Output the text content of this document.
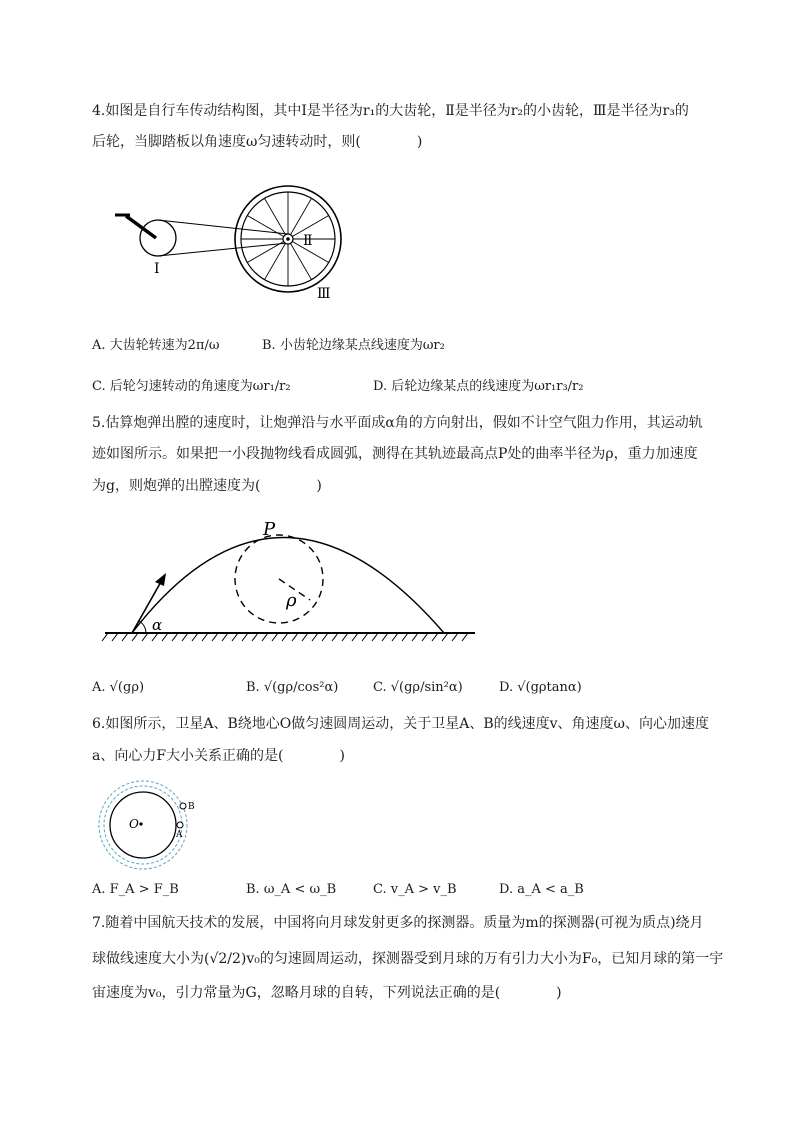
4.如图是自行车传动结构图，其中Ⅰ是半径为r₁的大齿轮，Ⅱ是半径为r₂的小齿轮，Ⅲ是半径为r₃的
后轮，当脚踏板以角速度ω匀速转动时，则(　　　　)
Ⅰ
Ⅱ
Ⅲ
A. 大齿轮转速为2π/ω	B. 小齿轮边缘某点线速度为ωr₂
C. 后轮匀速转动的角速度为ωr₁/r₂	D. 后轮边缘某点的线速度为ωr₁r₃/r₂
5.估算炮弹出膛的速度时，让炮弹沿与水平面成α角的方向射出，假如不计空气阻力作用，其运动轨
迹如图所示。如果把一小段抛物线看成圆弧，测得在其轨迹最高点P处的曲率半径为ρ，重力加速度
为g，则炮弹的出膛速度为(　　　　)
P
ρ
α
A. √(gρ)	B. √(gρ/cos²α)	C. √(gρ/sin²α)	D. √(gρtanα)
6.如图所示，卫星A、B绕地心O做匀速圆周运动，关于卫星A、B的线速度v、角速度ω、向心加速度
a、向心力F大小关系正确的是(　　　　)
O
B
A
A. F_A > F_B	B. ω_A < ω_B	C. v_A > v_B	D. a_A < a_B
7.随着中国航天技术的发展，中国将向月球发射更多的探测器。质量为m的探测器(可视为质点)绕月
球做线速度大小为(√2/2)v₀的匀速圆周运动，探测器受到月球的万有引力大小为F₀，已知月球的第一宇
宙速度为v₀，引力常量为G，忽略月球的自转，下列说法正确的是(　　　　)
